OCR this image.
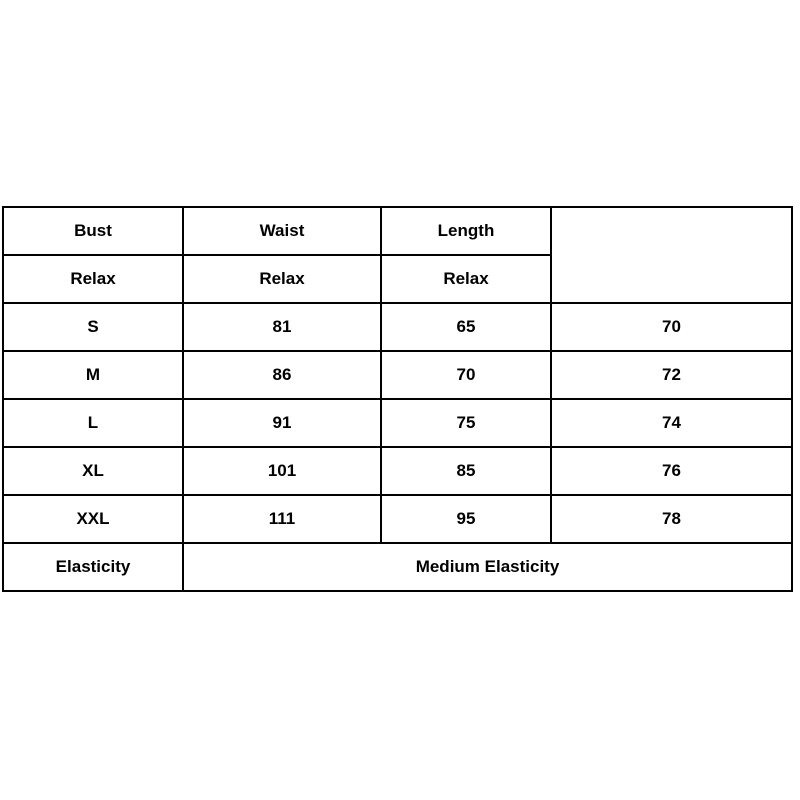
Bust	Waist	Length	
Relax	Relax	Relax	
S	81	65	70
M	86	70	72
L	91	75	74
XL	101	85	76
XXL	111	95	78
Elasticity	Medium Elasticity		
